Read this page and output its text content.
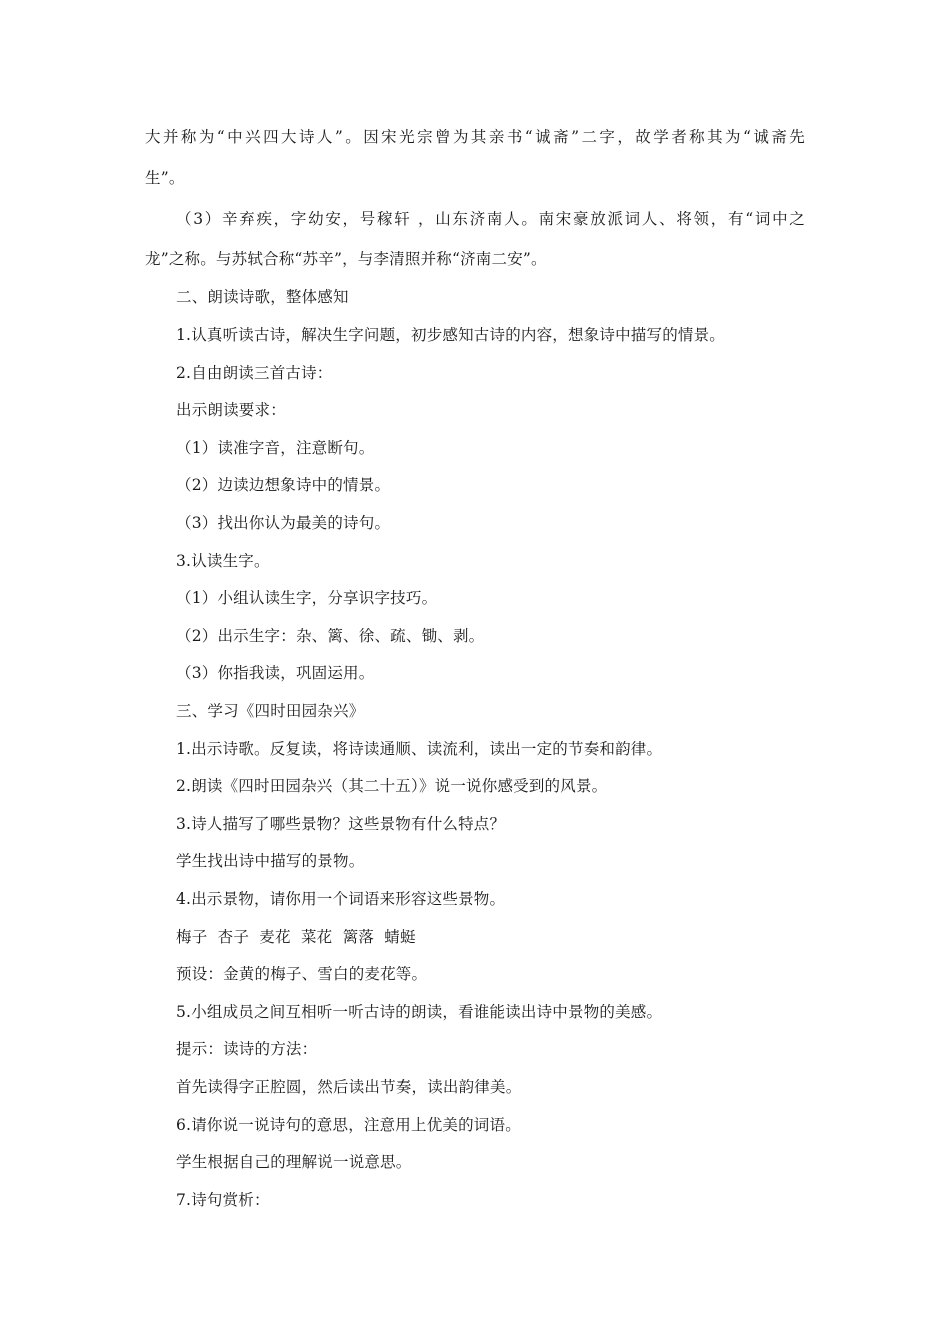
大并称为“中兴四大诗人”。因宋光宗曾为其亲书“诚斋”二字，故学者称其为“诚斋先
生”。
（3）辛弃疾，字幼安，号稼轩 ，山东济南人。南宋豪放派词人、将领，有“词中之
龙”之称。与苏轼合称“苏辛”，与李清照并称“济南二安”。
二、朗读诗歌，整体感知
1.认真听读古诗，解决生字问题，初步感知古诗的内容，想象诗中描写的情景。
2.自由朗读三首古诗：
出示朗读要求：
（1）读准字音，注意断句。
（2）边读边想象诗中的情景。
（3）找出你认为最美的诗句。
3.认读生字。
（1）小组认读生字，分享识字技巧。
（2）出示生字：杂、篱、徐、疏、锄、剥。
（3）你指我读，巩固运用。
三、学习《四时田园杂兴》
1.出示诗歌。反复读，将诗读通顺、读流利，读出一定的节奏和韵律。
2.朗读《四时田园杂兴（其二十五）》说一说你感受到的风景。
3.诗人描写了哪些景物？这些景物有什么特点？
学生找出诗中描写的景物。
4.出示景物，请你用一个词语来形容这些景物。
梅子  杏子  麦花  菜花  篱落  蜻蜓
预设：金黄的梅子、雪白的麦花等。
5.小组成员之间互相听一听古诗的朗读，看谁能读出诗中景物的美感。
提示：读诗的方法：
首先读得字正腔圆，然后读出节奏，读出韵律美。
6.请你说一说诗句的意思，注意用上优美的词语。
学生根据自己的理解说一说意思。
7.诗句赏析：
